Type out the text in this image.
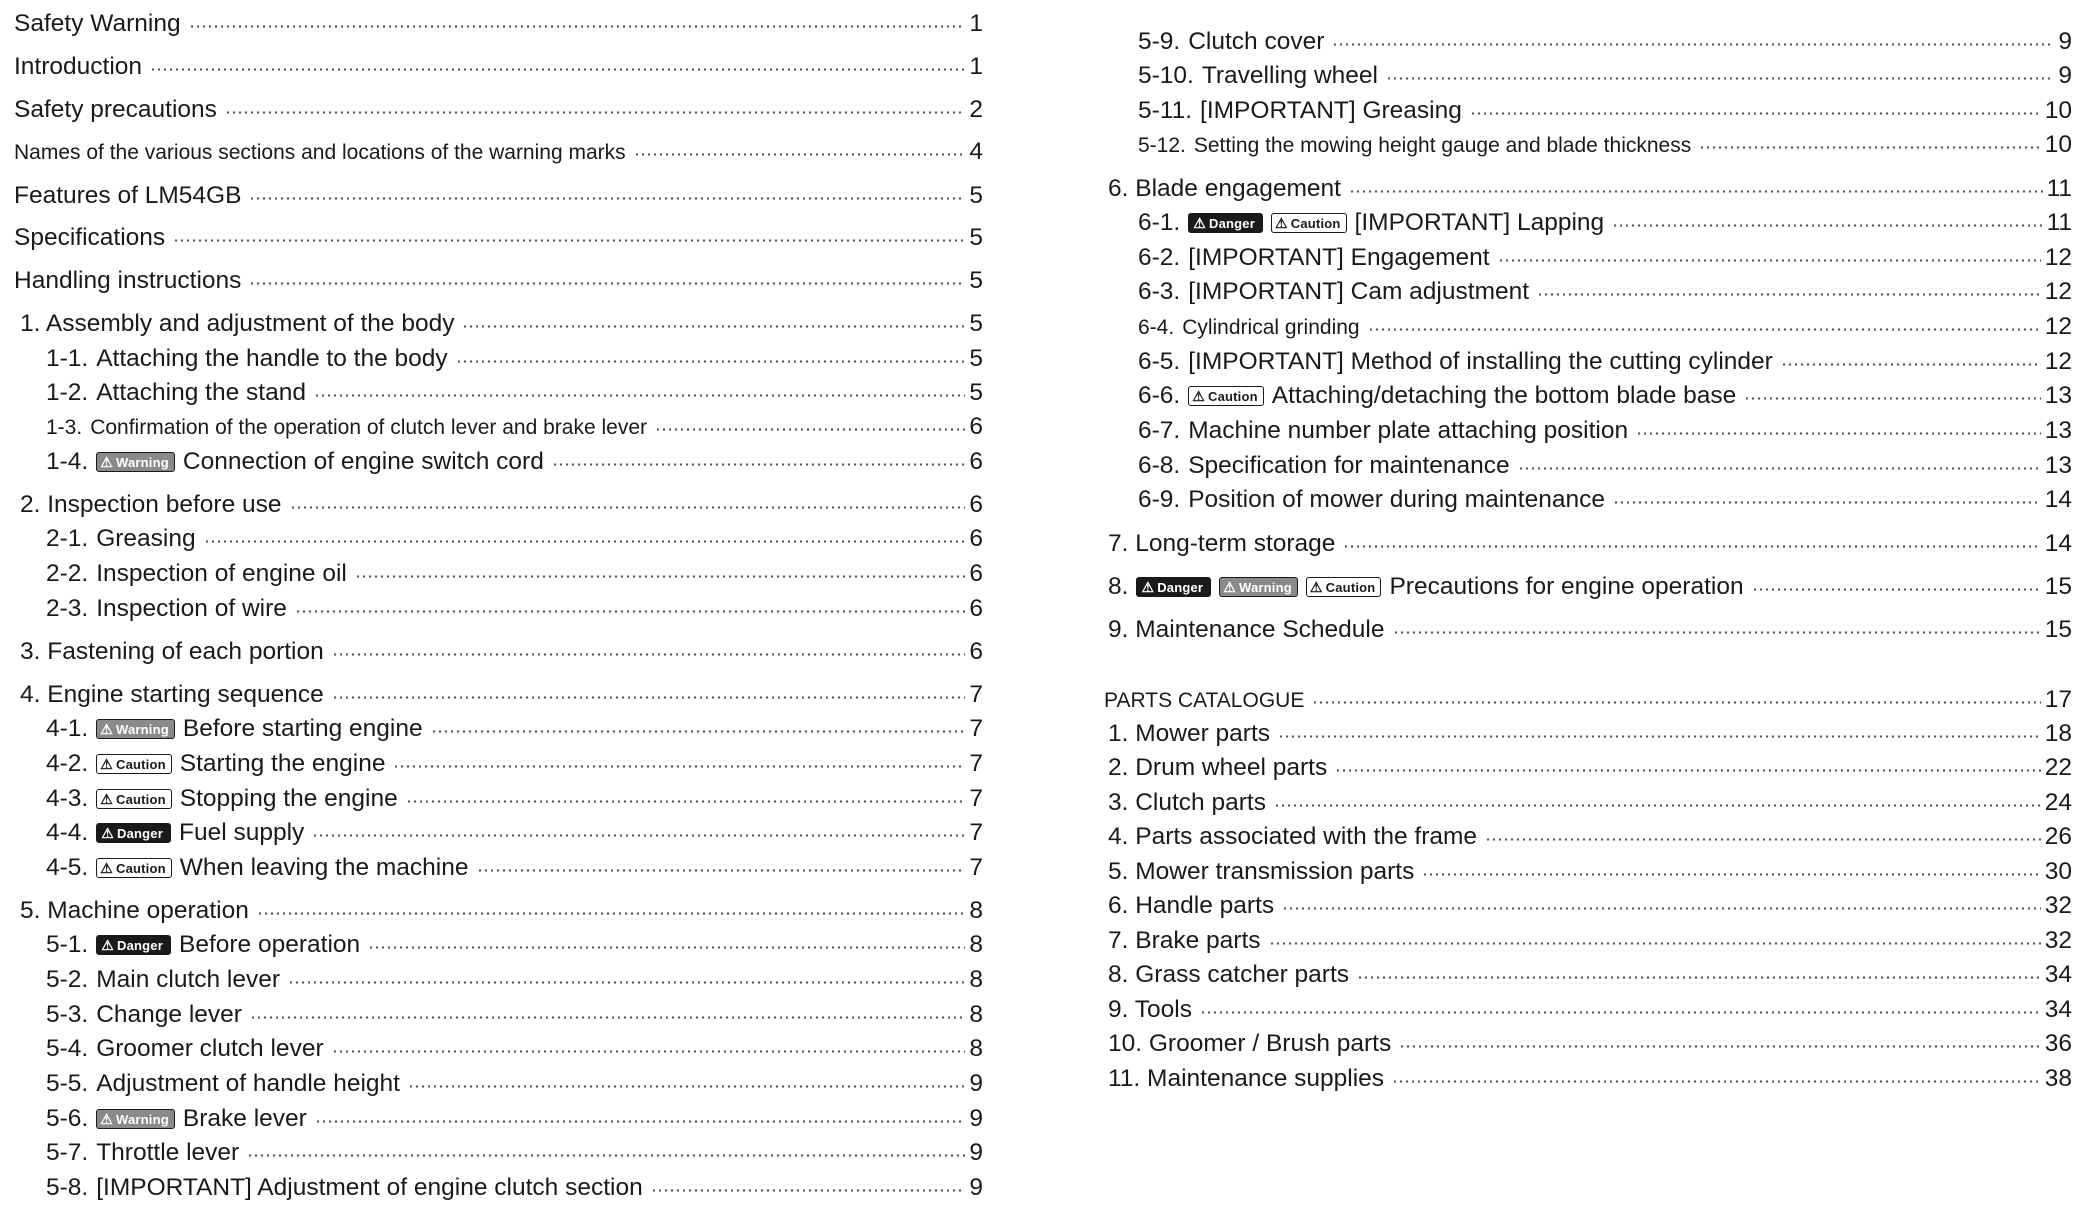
Safety Warning	1
Introduction	1
Safety precautions	2
Names of the various sections and locations of the warning marks	4
Features of LM54GB	5
Specifications	5
Handling instructions	5
1. Assembly and adjustment of the body	5
1-1. Attaching the handle to the body	5
1-2. Attaching the stand	5
1-3. Confirmation of the operation of clutch lever and brake lever	6
1-4. ⚠ Warning Connection of engine switch cord	6
2. Inspection before use	6
2-1. Greasing	6
2-2. Inspection of engine oil	6
2-3. Inspection of wire	6
3. Fastening of each portion	6
4. Engine starting sequence	7
4-1. ⚠ Warning Before starting engine	7
4-2. ⚠ Caution Starting the engine	7
4-3. ⚠ Caution Stopping the engine	7
4-4. ⚠ Danger Fuel supply	7
4-5. ⚠ Caution When leaving the machine	7
5. Machine operation	8
5-1. ⚠ Danger Before operation	8
5-2. Main clutch lever	8
5-3. Change lever	8
5-4. Groomer clutch lever	8
5-5. Adjustment of handle height	9
5-6. ⚠ Warning Brake lever	9
5-7. Throttle lever	9
5-8. [IMPORTANT] Adjustment of engine clutch section	9
5-9. Clutch cover	9
5-10. Travelling wheel	9
5-11. [IMPORTANT] Greasing	10
5-12. Setting the mowing height gauge and blade thickness	10
6. Blade engagement	11
6-1. ⚠ Danger ⚠ Caution [IMPORTANT] Lapping	11
6-2. [IMPORTANT] Engagement	12
6-3. [IMPORTANT] Cam adjustment	12
6-4. Cylindrical grinding	12
6-5. [IMPORTANT] Method of installing the cutting cylinder	12
6-6. ⚠ Caution Attaching/detaching the bottom blade base	13
6-7. Machine number plate attaching position	13
6-8. Specification for maintenance	13
6-9. Position of mower during maintenance	14
7. Long-term storage	14
8. ⚠ Danger ⚠ Warning ⚠ Caution Precautions for engine operation	15
9. Maintenance Schedule	15
PARTS CATALOGUE	17
1. Mower parts	18
2. Drum wheel parts	22
3. Clutch parts	24
4. Parts associated with the frame	26
5. Mower transmission parts	30
6. Handle parts	32
7. Brake parts	32
8. Grass catcher parts	34
9. Tools	34
10. Groomer / Brush parts	36
11. Maintenance supplies	38
